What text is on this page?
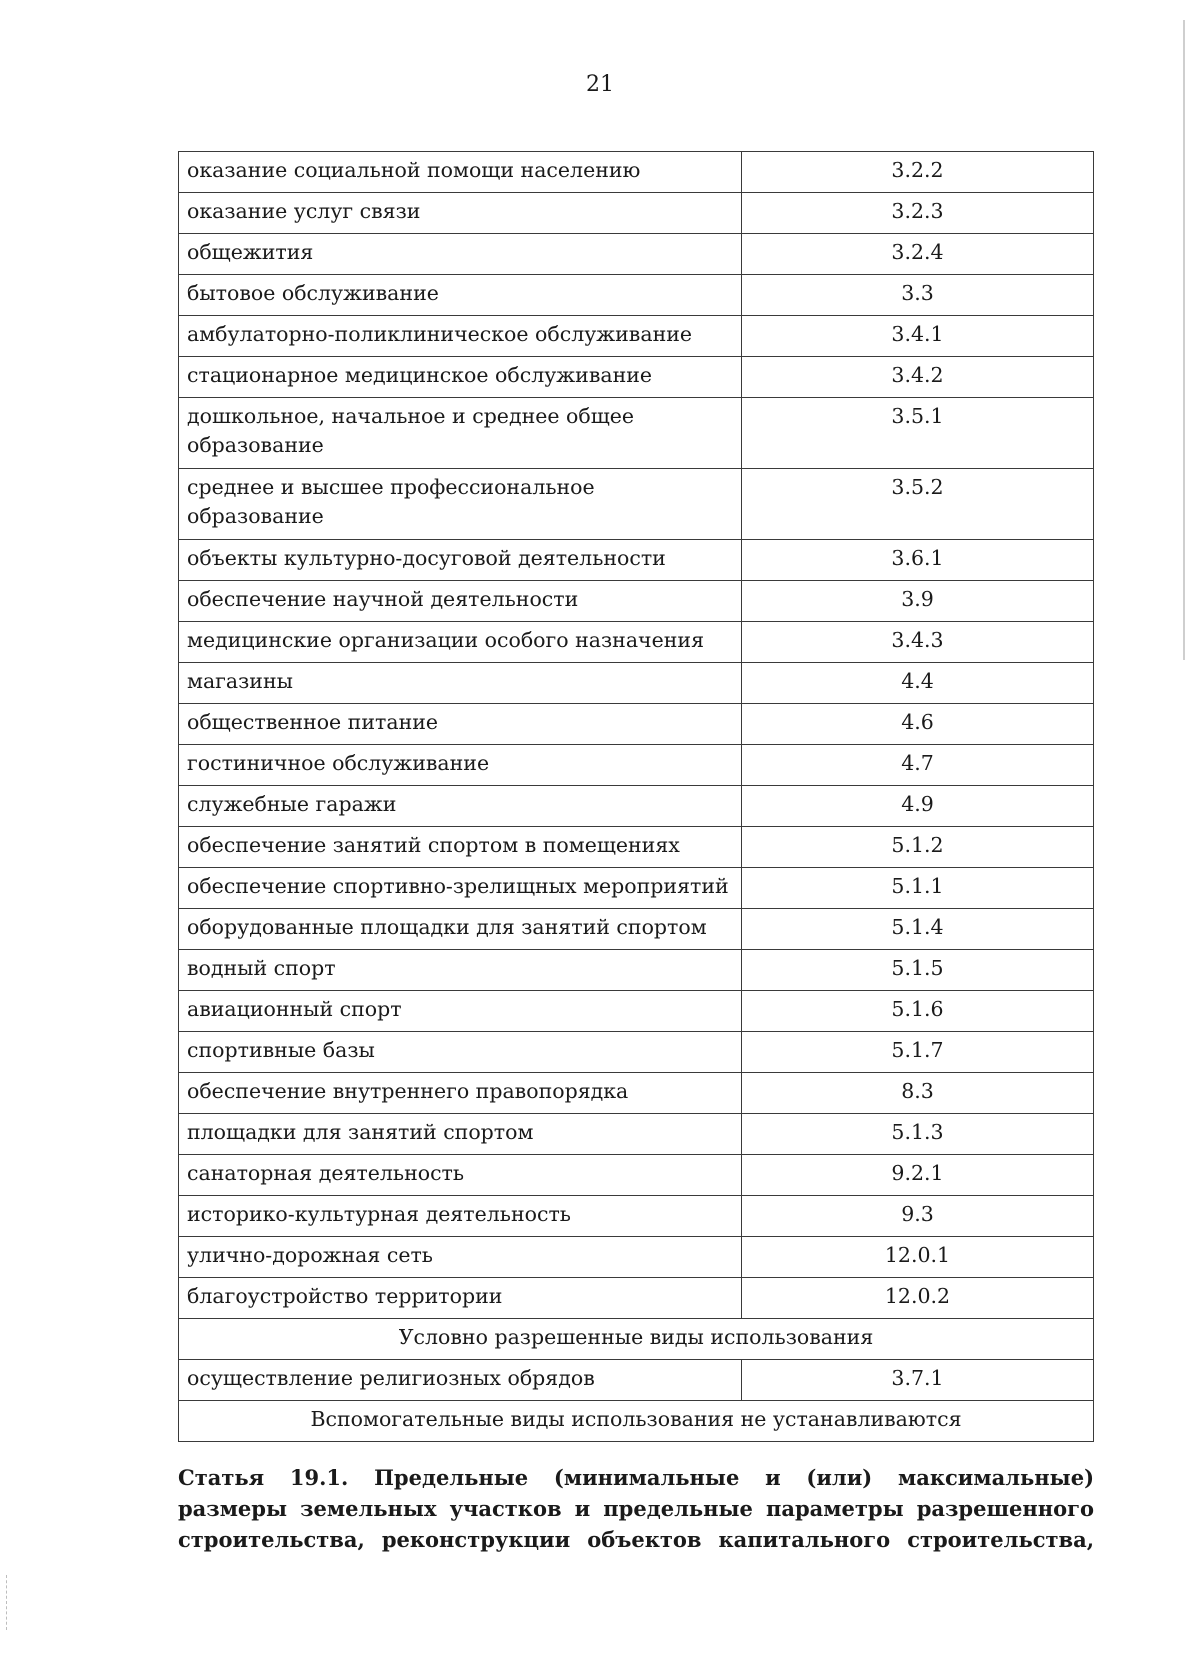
21
оказание социальной помощи населению	3.2.2
оказание услуг связи	3.2.3
общежития	3.2.4
бытовое обслуживание	3.3
амбулаторно-поликлиническое обслуживание	3.4.1
стационарное медицинское обслуживание	3.4.2
дошкольное, начальное и среднее общее образование	3.5.1
среднее и высшее профессиональное образование	3.5.2
объекты культурно-досуговой деятельности	3.6.1
обеспечение научной деятельности	3.9
медицинские организации особого назначения	3.4.3
магазины	4.4
общественное питание	4.6
гостиничное обслуживание	4.7
служебные гаражи	4.9
обеспечение занятий спортом в помещениях	5.1.2
обеспечение спортивно-зрелищных мероприятий	5.1.1
оборудованные площадки для занятий спортом	5.1.4
водный спорт	5.1.5
авиационный спорт	5.1.6
спортивные базы	5.1.7
обеспечение внутреннего правопорядка	8.3
площадки для занятий спортом	5.1.3
санаторная деятельность	9.2.1
историко-культурная деятельность	9.3
улично-дорожная сеть	12.0.1
благоустройство территории	12.0.2
Условно разрешенные виды использования	
осуществление религиозных обрядов	3.7.1
Вспомогательные виды использования не устанавливаются	
Статья 19.1. Предельные (минимальные и (или) максимальные) размеры земельных участков и предельные параметры разрешенного строительства, реконструкции объектов капитального строительства,
